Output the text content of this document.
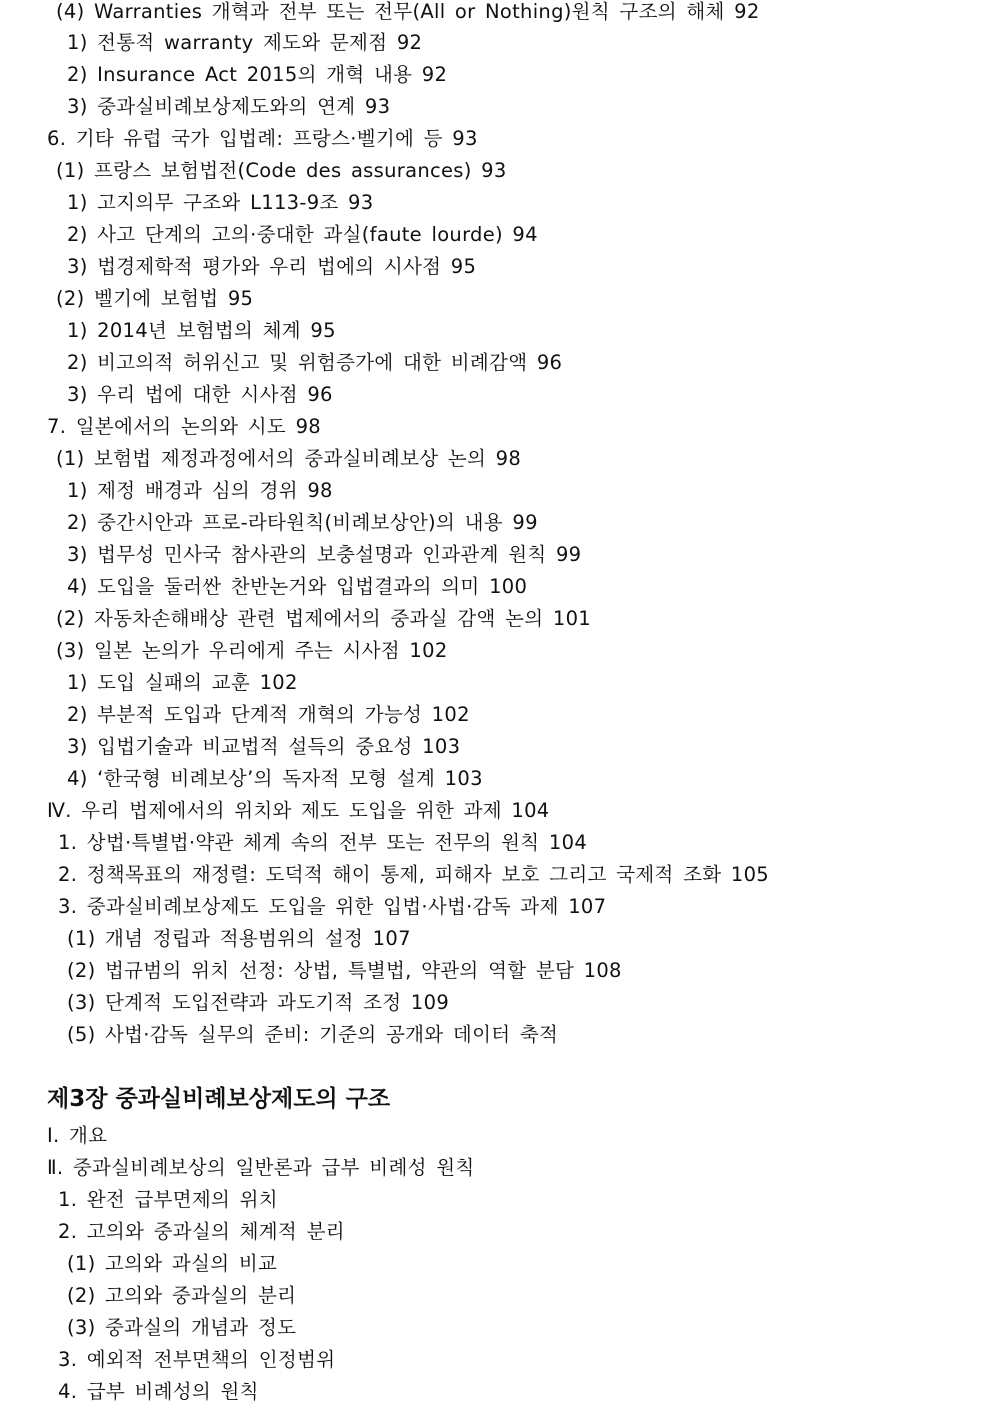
(4) Warranties 개혁과 전부 또는 전무(All or Nothing)원칙 구조의 해체 92
1) 전통적 warranty 제도와 문제점 92
2) Insurance Act 2015의 개혁 내용 92
3) 중과실비례보상제도와의 연계 93
6. 기타 유럽 국가 입법례: 프랑스·벨기에 등 93
(1) 프랑스 보험법전(Code des assurances) 93
1) 고지의무 구조와 L113-9조 93
2) 사고 단계의 고의·중대한 과실(faute lourde) 94
3) 법경제학적 평가와 우리 법에의 시사점 95
(2) 벨기에 보험법 95
1) 2014년 보험법의 체계 95
2) 비고의적 허위신고 및 위험증가에 대한 비례감액 96
3) 우리 법에 대한 시사점 96
7. 일본에서의 논의와 시도 98
(1) 보험법 제정과정에서의 중과실비례보상 논의 98
1) 제정 배경과 심의 경위 98
2) 중간시안과 프로-라타원칙(비례보상안)의 내용 99
3) 법무성 민사국 참사관의 보충설명과 인과관계 원칙 99
4) 도입을 둘러싼 찬반논거와 입법결과의 의미 100
(2) 자동차손해배상 관련 법제에서의 중과실 감액 논의 101
(3) 일본 논의가 우리에게 주는 시사점 102
1) 도입 실패의 교훈 102
2) 부분적 도입과 단계적 개혁의 가능성 102
3) 입법기술과 비교법적 설득의 중요성 103
4) ‘한국형 비례보상’의 독자적 모형 설계 103
Ⅳ. 우리 법제에서의 위치와 제도 도입을 위한 과제 104
1. 상법·특별법·약관 체계 속의 전부 또는 전무의 원칙 104
2. 정책목표의 재정렬: 도덕적 해이 통제, 피해자 보호 그리고 국제적 조화 105
3. 중과실비례보상제도 도입을 위한 입법·사법·감독 과제 107
(1) 개념 정립과 적용범위의 설정 107
(2) 법규범의 위치 선정: 상법, 특별법, 약관의 역할 분담 108
(3) 단계적 도입전략과 과도기적 조정 109
(5) 사법·감독 실무의 준비: 기준의 공개와 데이터 축적
제3장 중과실비례보상제도의 구조
Ⅰ. 개요
Ⅱ. 중과실비례보상의 일반론과 급부 비례성 원칙
1. 완전 급부면제의 위치
2. 고의와 중과실의 체계적 분리
(1) 고의와 과실의 비교
(2) 고의와 중과실의 분리
(3) 중과실의 개념과 정도
3. 예외적 전부면책의 인정범위
4. 급부 비례성의 원칙
